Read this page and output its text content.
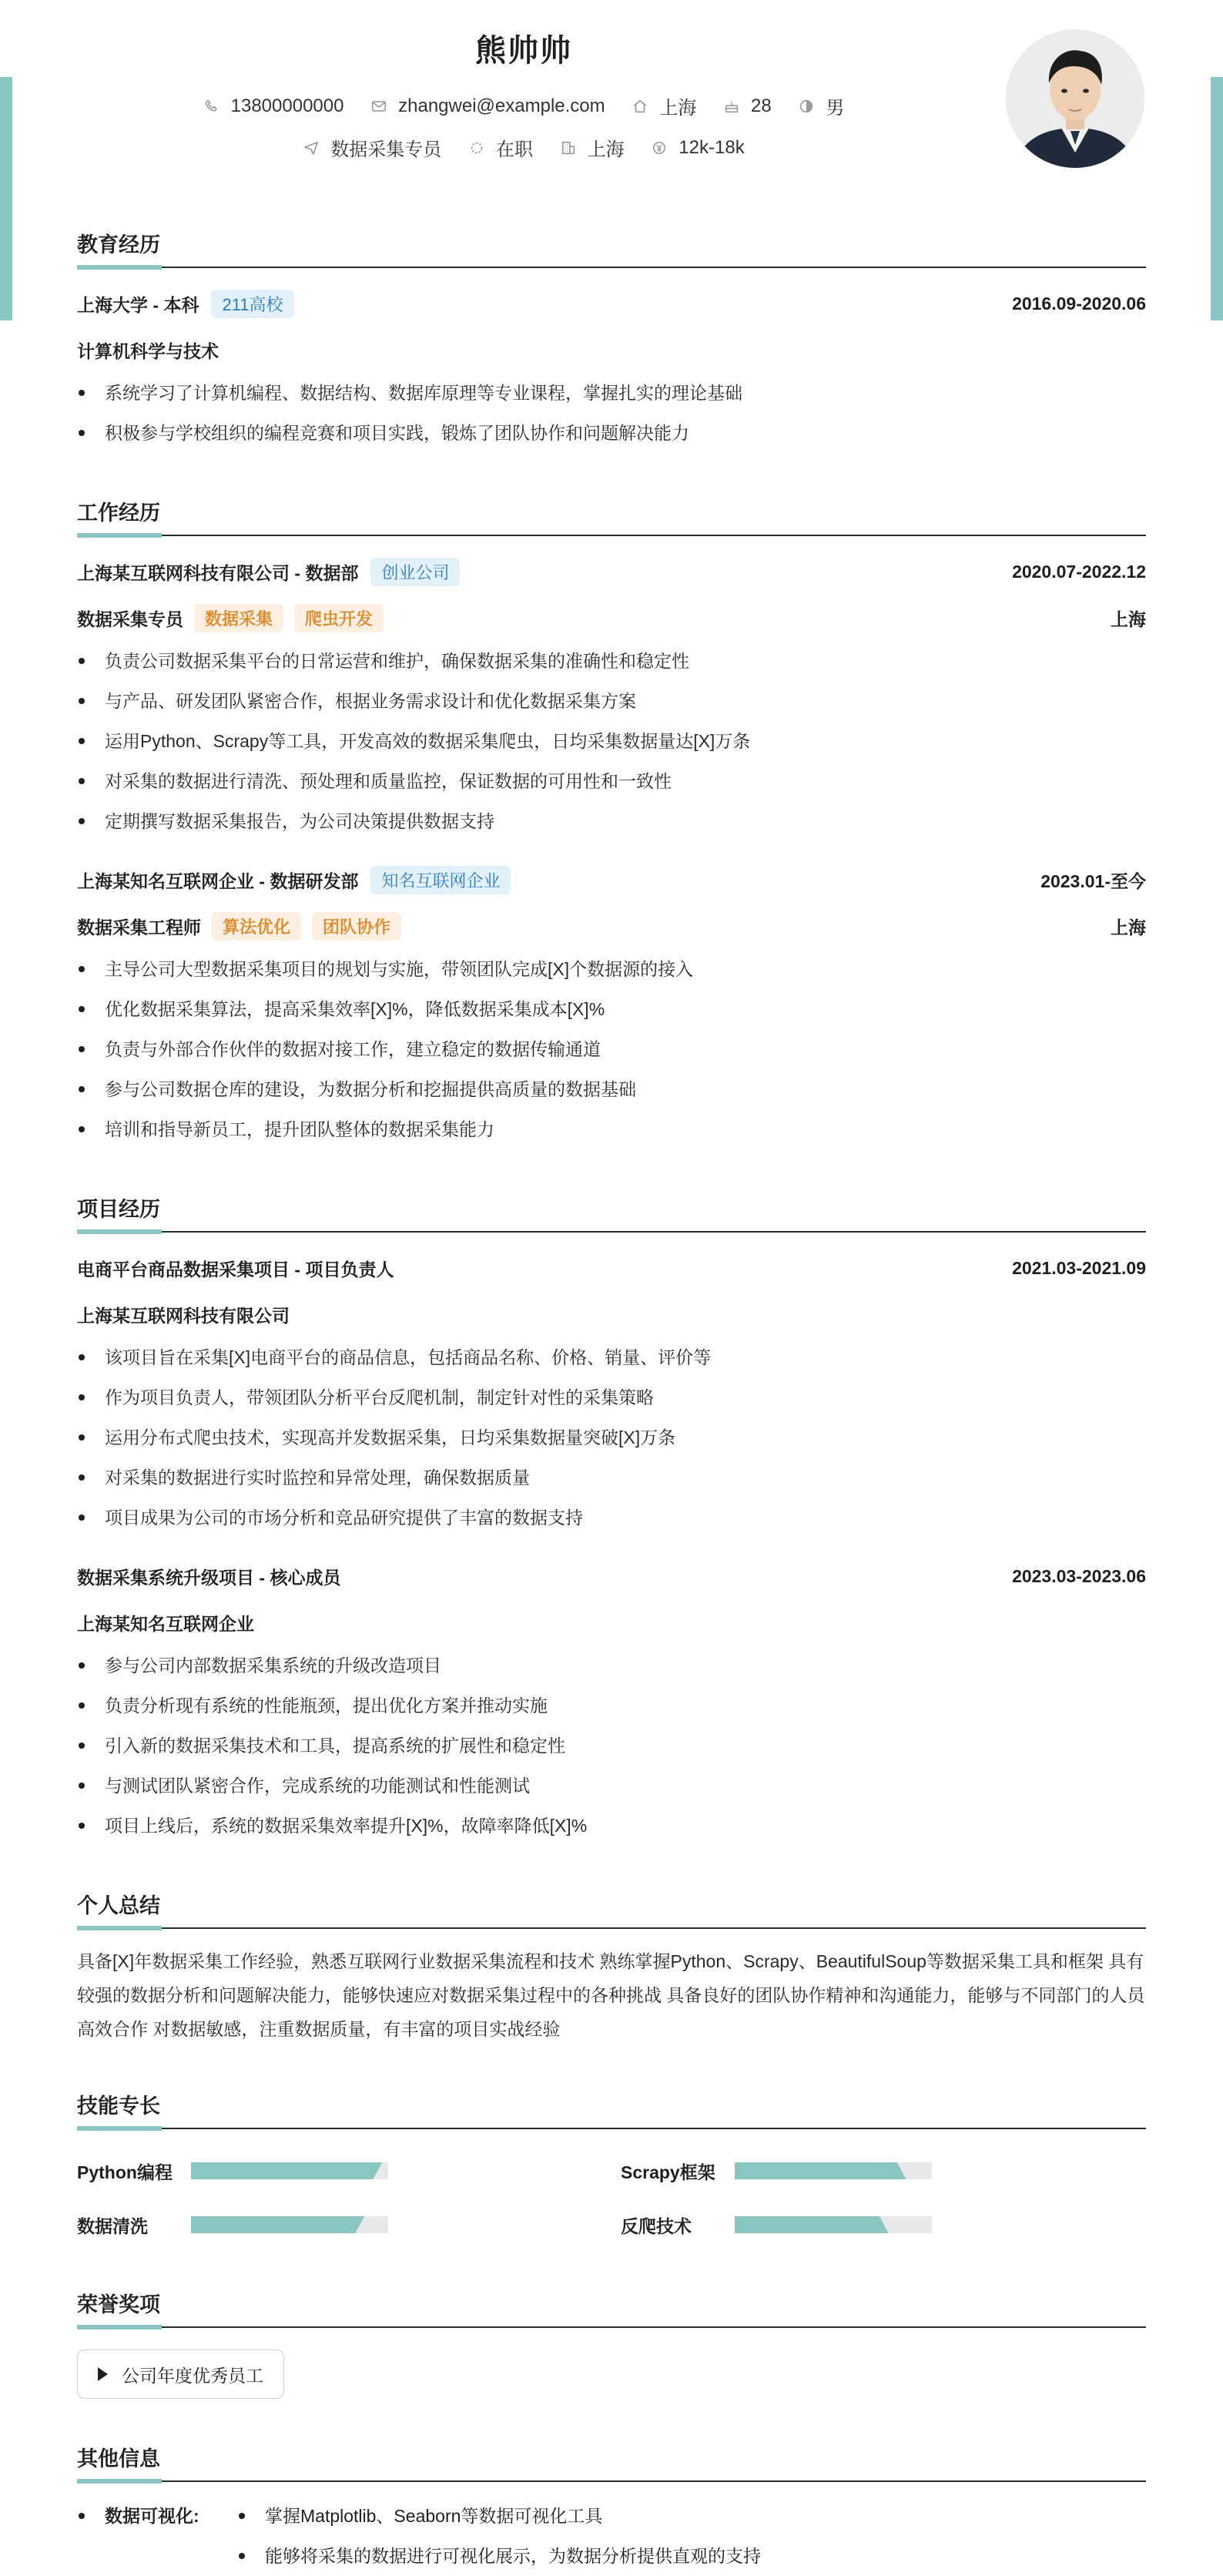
熊帅帅
13800000000
	zhangwei@example.com
	上海
	28
	男
数据采集专员
	在职
	上海
	12k-18k
教育经历
上海大学 - 本科	211高校	2016.09-2020.06
计算机科学与技术
系统学习了计算机编程、数据结构、数据库原理等专业课程，掌握扎实的理论基础
积极参与学校组织的编程竞赛和项目实践，锻炼了团队协作和问题解决能力
工作经历
上海某互联网科技有限公司 - 数据部	创业公司	2020.07-2022.12
数据采集专员	数据采集	爬虫开发	上海
负责公司数据采集平台的日常运营和维护，确保数据采集的准确性和稳定性
与产品、研发团队紧密合作，根据业务需求设计和优化数据采集方案
运用Python、Scrapy等工具，开发高效的数据采集爬虫，日均采集数据量达[X]万条
对采集的数据进行清洗、预处理和质量监控，保证数据的可用性和一致性
定期撰写数据采集报告，为公司决策提供数据支持
上海某知名互联网企业 - 数据研发部	知名互联网企业	2023.01-至今
数据采集工程师	算法优化	团队协作	上海
主导公司大型数据采集项目的规划与实施，带领团队完成[X]个数据源的接入
优化数据采集算法，提高采集效率[X]%，降低数据采集成本[X]%
负责与外部合作伙伴的数据对接工作，建立稳定的数据传输通道
参与公司数据仓库的建设，为数据分析和挖掘提供高质量的数据基础
培训和指导新员工，提升团队整体的数据采集能力
项目经历
电商平台商品数据采集项目 - 项目负责人	2021.03-2021.09
上海某互联网科技有限公司
该项目旨在采集[X]电商平台的商品信息，包括商品名称、价格、销量、评价等
作为项目负责人，带领团队分析平台反爬机制，制定针对性的采集策略
运用分布式爬虫技术，实现高并发数据采集，日均采集数据量突破[X]万条
对采集的数据进行实时监控和异常处理，确保数据质量
项目成果为公司的市场分析和竞品研究提供了丰富的数据支持
数据采集系统升级项目 - 核心成员	2023.03-2023.06
上海某知名互联网企业
参与公司内部数据采集系统的升级改造项目
负责分析现有系统的性能瓶颈，提出优化方案并推动实施
引入新的数据采集技术和工具，提高系统的扩展性和稳定性
与测试团队紧密合作，完成系统的功能测试和性能测试
项目上线后，系统的数据采集效率提升[X]%，故障率降低[X]%
个人总结
具备[X]年数据采集工作经验，熟悉互联网行业数据采集流程和技术 熟练掌握Python、Scrapy、BeautifulSoup等数据采集工具和框架 具有较强的数据分析和问题解决能力，能够快速应对数据采集过程中的各种挑战 具备良好的团队协作精神和沟通能力，能够与不同部门的人员高效合作 对数据敏感，注重数据质量，有丰富的项目实战经验
技能专长
Python编程	Scrapy框架
数据清洗	反爬技术
荣誉奖项
公司年度优秀员工
其他信息
数据可视化:	掌握Matplotlib、Seaborn等数据可视化工具
能够将采集的数据进行可视化展示，为数据分析提供直观的支持
